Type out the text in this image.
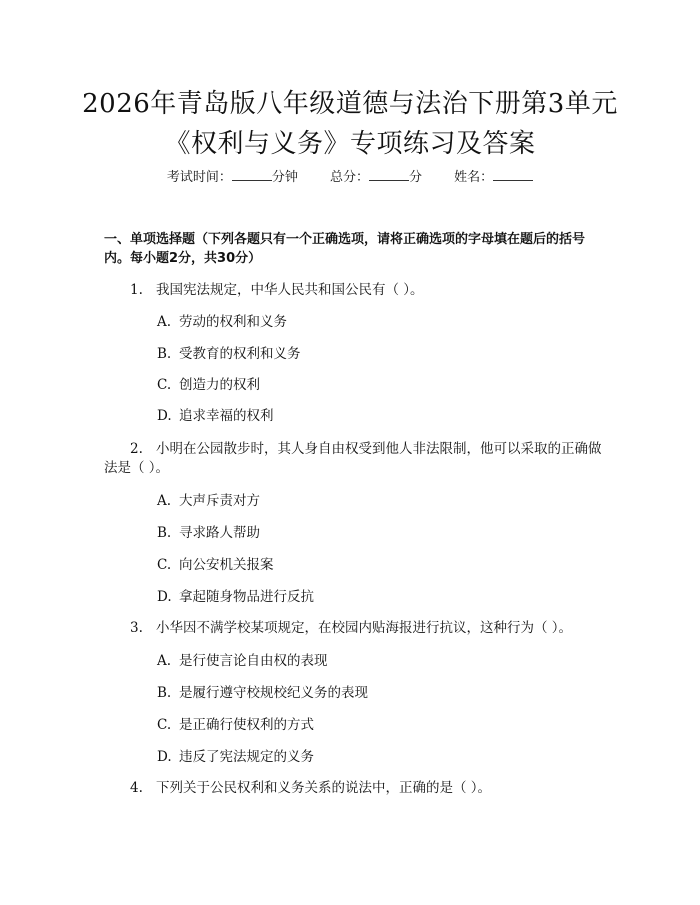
2026年青岛版八年级道德与法治下册第3单元《权利与义务》专项练习及答案
考试时间：	分钟 总分：	分 姓名：
一、单项选择题（下列各题只有一个正确选项，请将正确选项的字母填在题后的括号内。每小题2分，共30分）
1. 我国宪法规定，中华人民共和国公民有（ ）。
A. 劳动的权利和义务
B. 受教育的权利和义务
C. 创造力的权利
D. 追求幸福的权利
2. 小明在公园散步时，其人身自由权受到他人非法限制，他可以采取的正确做法是（ ）。
A. 大声斥责对方
B. 寻求路人帮助
C. 向公安机关报案
D. 拿起随身物品进行反抗
3. 小华因不满学校某项规定，在校园内贴海报进行抗议，这种行为（ ）。
A. 是行使言论自由权的表现
B. 是履行遵守校规校纪义务的表现
C. 是正确行使权利的方式
D. 违反了宪法规定的义务
4. 下列关于公民权利和义务关系的说法中，正确的是（ ）。
